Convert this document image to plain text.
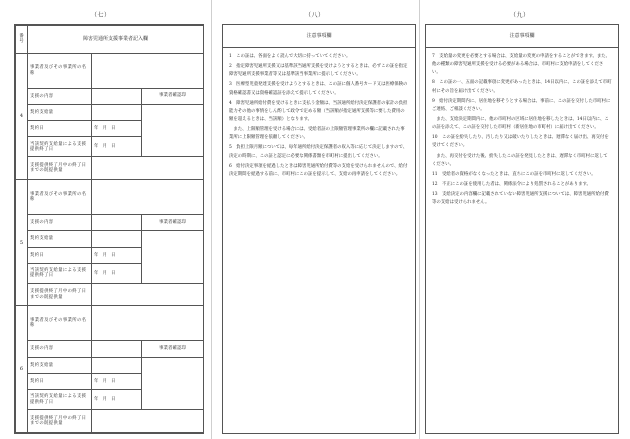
（七）	（八）	（九）
番号	障害児通所支援事業者記入欄		
4	事業者及びその事業所の名称		
	支援の内容		事業者確認印
	契約支給量		
	契約日	年　月　日	
	当該契約支給量による支援提供終了日	年　月　日	
	支援提供終了月中の終了日までの既提供量		
5	事業者及びその事業所の名称		
	支援の内容		事業者確認印
	契約支給量		
	契約日	年　月　日	
	当該契約支給量による支援提供終了日	年　月　日	
	支援提供終了月中の終了日までの既提供量		
6	事業者及びその事業所の名称		
	支援の内容		事業者確認印
	契約支給量		
	契約日	年　月　日	
	当該契約支給量による支援提供終了日	年　月　日	
	支援提供終了月中の終了日までの既提供量		
注意事項欄

1　この証は、各面をよく読んで大切に持っていてください。

2　指定障害児通所支援又は基準該当通所支援を受けようとするときは、必ずこの証を指定障害児通所支援事業者等又は基準該当事業所に提示してください。

3　医療型児童発達支援を受けようとするときは、この証に個人番号カード又は医療保険の資格確認書又は資格確認証を添えて提示してください。

4　障害児通所給付費を受けるときに支払う金額は、当該通所給付決定保護者の家計の負担能力その他の事情をしん酌して政令で定める額（当該額が指定通所支援等に要した費用の額を超えるときは、当該額）となります。

　また、上限額管理を受ける場合には、受給者証の上限額管理事業所の欄に記載された事業所に上限額管理を依頼してください。

5　負担上限月額については、毎年通所給付決定保護者の収入等に応じて決定しますので、決定の時期に、この証と認定に必要な関係書類を市町村に提出してください。

6　給付決定事項を経過したときは障害児通所給付費等の支給を受けられませんので、給付決定期間を経過する前に、市町村にこの証を提示して、支給の再申請をしてください。

注意事項欄

7　支給量の変更を必要とする場合は、支給量の変更の申請をすることができます。また、他の種類の障害児通所支援を受ける必要がある場合は、市町村に支給申請をしてください。

8　この証の一、五面の記載事項に変更があったときは、14日以内に、この証を添えて市町村にその旨を届け出てください。

9　給付決定期間内に、居住地を移そうとする場合は、事前に、この証を交付した市町村にご連絡、ご相談ください。

　また、支給決定期間内に、他の市町村の区域に居住地を移したときは、14日以内に、この証を添えて、この証を交付した市町村（新居住地の市町村）に届け出てください。

10　この証を紛失したり、汚したり又は破いたりしたときは、遅滞なく届け出、再交付を受けてください。

　また、再交付を受けた後、紛失したこの証を発見したときは、遅滞なく市町村に返してください。

11　受給者の資格がなくなったときは、直ちにこの証を市町村に返してください。

12　不正にこの証を使用した者は、関係法令により処罰されることがあります。

13　支給決定の内容欄に記載されていない障害児通所支援については、障害児通所給付費等の支給は受けられません。
